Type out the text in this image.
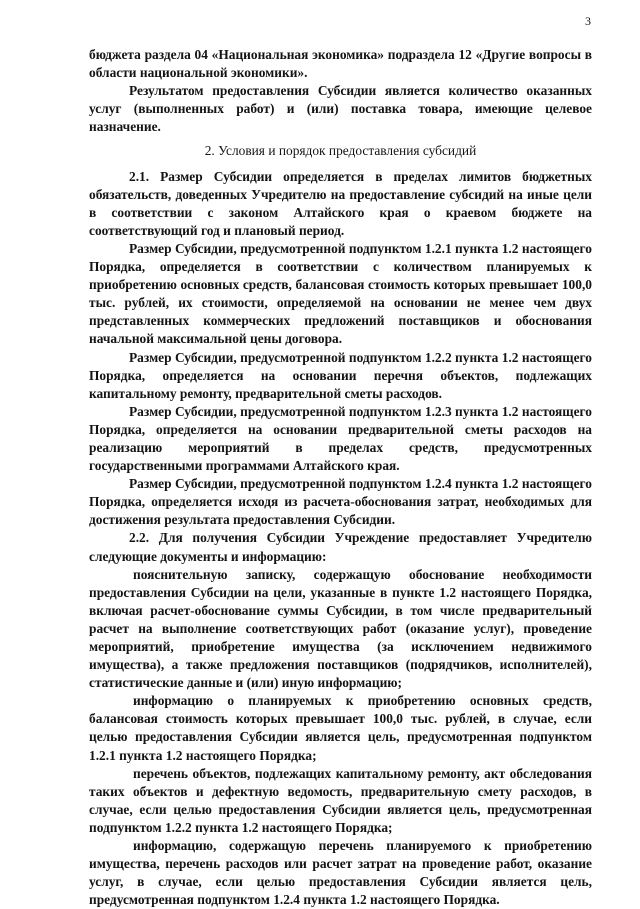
3

бюджета раздела 04 «Национальная экономика» подраздела 12 «Другие вопросы в области национальной экономики».

Результатом предоставления Субсидии является количество оказанных услуг (выполненных работ) и (или) поставка товара, имеющие целевое назначение.

2. Условия и порядок предоставления субсидий

2.1. Размер Субсидии определяется в пределах лимитов бюджетных обязательств, доведенных Учредителю на предоставление субсидий на иные цели в соответствии с законом Алтайского края о краевом бюджете на соответствующий год и плановый период.

Размер Субсидии, предусмотренной подпунктом 1.2.1 пункта 1.2 настоящего Порядка, определяется в соответствии с количеством планируемых к приобретению основных средств, балансовая стоимость которых превышает 100,0 тыс. рублей, их стоимости, определяемой на основании не менее чем двух представленных коммерческих предложений поставщиков и обоснования начальной максимальной цены договора.

Размер Субсидии, предусмотренной подпунктом 1.2.2 пункта 1.2 настоящего Порядка, определяется на основании перечня объектов, подлежащих капитальному ремонту, предварительной сметы расходов.

Размер Субсидии, предусмотренной подпунктом 1.2.3 пункта 1.2 настоящего Порядка, определяется на основании предварительной сметы расходов на реализацию мероприятий в пределах средств, предусмотренных государственными программами Алтайского края.

Размер Субсидии, предусмотренной подпунктом 1.2.4 пункта 1.2 настоящего Порядка, определяется исходя из расчета-обоснования затрат, необходимых для достижения результата предоставления Субсидии.

2.2. Для получения Субсидии Учреждение предоставляет Учредителю следующие документы и информацию:

пояснительную записку, содержащую обоснование необходимости предоставления Субсидии на цели, указанные в пункте 1.2 настоящего Порядка, включая расчет-обоснование суммы Субсидии, в том числе предварительный расчет на выполнение соответствующих работ (оказание услуг), проведение мероприятий, приобретение имущества (за исключением недвижимого имущества), а также предложения поставщиков (подрядчиков, исполнителей), статистические данные и (или) иную информацию;

информацию о планируемых к приобретению основных средств, балансовая стоимость которых превышает 100,0 тыс. рублей, в случае, если целью предоставления Субсидии является цель, предусмотренная подпунктом 1.2.1 пункта 1.2 настоящего Порядка;

перечень объектов, подлежащих капитальному ремонту, акт обследования таких объектов и дефектную ведомость, предварительную смету расходов, в случае, если целью предоставления Субсидии является цель, предусмотренная подпунктом 1.2.2 пункта 1.2 настоящего Порядка;

информацию, содержащую перечень планируемого к приобретению имущества, перечень расходов или расчет затрат на проведение работ, оказание услуг, в случае, если целью предоставления Субсидии является цель, предусмотренная подпунктом 1.2.4 пункта 1.2 настоящего Порядка.
